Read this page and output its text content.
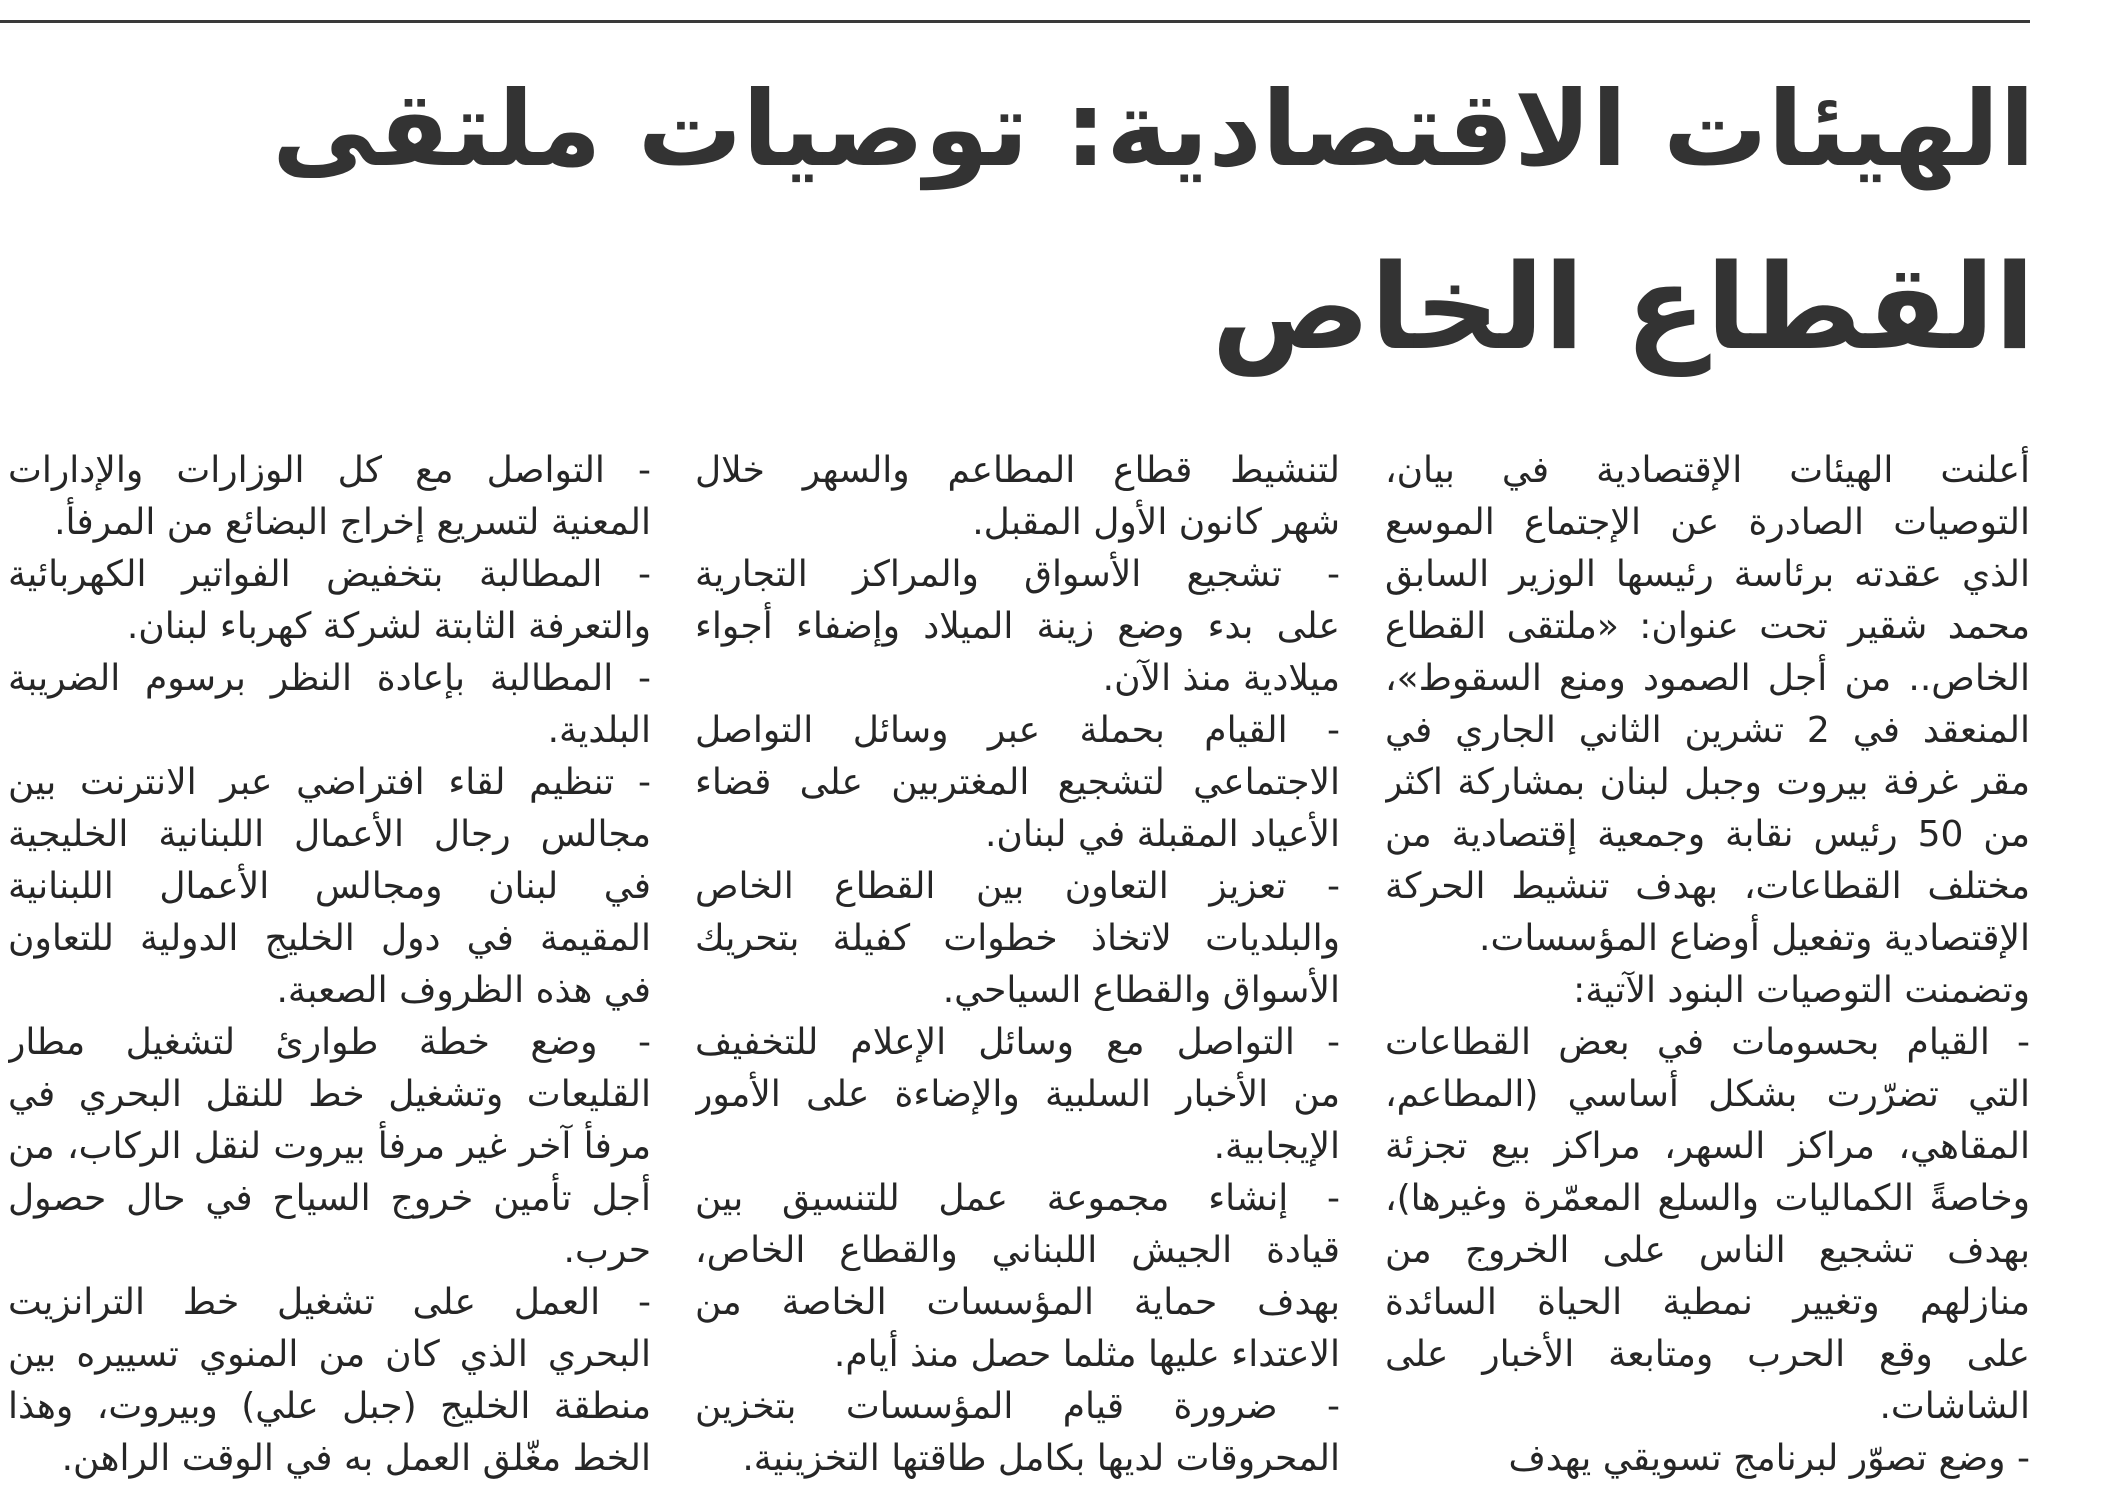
الهيئات الاقتصادية: توصيات ملتقى
القطاع الخاص
أعلنت الهيئات الإقتصادية في بيان،
التوصيات الصادرة عن الإجتماع الموسع
الذي عقدته برئاسة رئيسها الوزير السابق
محمد شقير تحت عنوان: «ملتقى القطاع
الخاص.. من أجل الصمود ومنع السقوط»،
المنعقد في 2 تشرين الثاني الجاري في
مقر غرفة بيروت وجبل لبنان بمشاركة اكثر
من 50 رئيس نقابة وجمعية إقتصادية من
مختلف القطاعات، بهدف تنشيط الحركة
الإقتصادية وتفعيل أوضاع المؤسسات.
وتضمنت التوصيات البنود الآتية:
- القيام بحسومات في بعض القطاعات
التي تضرّرت بشكل أساسي (المطاعم،
المقاهي، مراكز السهر، مراكز بيع تجزئة
وخاصةً الكماليات والسلع المعمّرة وغيرها)،
بهدف تشجيع الناس على الخروج من
منازلهم وتغيير نمطية الحياة السائدة
على وقع الحرب ومتابعة الأخبار على
الشاشات.
- وضع تصوّر لبرنامج تسويقي يهدف
لتنشيط قطاع المطاعم والسهر خلال
شهر كانون الأول المقبل.
- تشجيع الأسواق والمراكز التجارية
على بدء وضع زينة الميلاد وإضفاء أجواء
ميلادية منذ الآن.
- القيام بحملة عبر وسائل التواصل
الاجتماعي لتشجيع المغتربين على قضاء
الأعياد المقبلة في لبنان.
- تعزيز التعاون بين القطاع الخاص
والبلديات لاتخاذ خطوات كفيلة بتحريك
الأسواق والقطاع السياحي.
- التواصل مع وسائل الإعلام للتخفيف
من الأخبار السلبية والإضاءة على الأمور
الإيجابية.
- إنشاء مجموعة عمل للتنسيق بين
قيادة الجيش اللبناني والقطاع الخاص،
بهدف حماية المؤسسات الخاصة من
الاعتداء عليها مثلما حصل منذ أيام.
- ضرورة قيام المؤسسات بتخزين
المحروقات لديها بكامل طاقتها التخزينية.
- التواصل مع كل الوزارات والإدارات
المعنية لتسريع إخراج البضائع من المرفأ.
- المطالبة بتخفيض الفواتير الكهربائية
والتعرفة الثابتة لشركة كهرباء لبنان.
- المطالبة بإعادة النظر برسوم الضريبة
البلدية.
- تنظيم لقاء افتراضي عبر الانترنت بين
مجالس رجال الأعمال اللبنانية الخليجية
في لبنان ومجالس الأعمال اللبنانية
المقيمة في دول الخليج الدولية للتعاون
في هذه الظروف الصعبة.
- وضع خطة طوارئ لتشغيل مطار
القليعات وتشغيل خط للنقل البحري في
مرفأ آخر غير مرفأ بيروت لنقل الركاب، من
أجل تأمين خروج السياح في حال حصول
حرب.
- العمل على تشغيل خط الترانزيت
البحري الذي كان من المنوي تسييره بين
منطقة الخليج (جبل علي) وبيروت، وهذا
الخط مغّلق العمل به في الوقت الراهن.
